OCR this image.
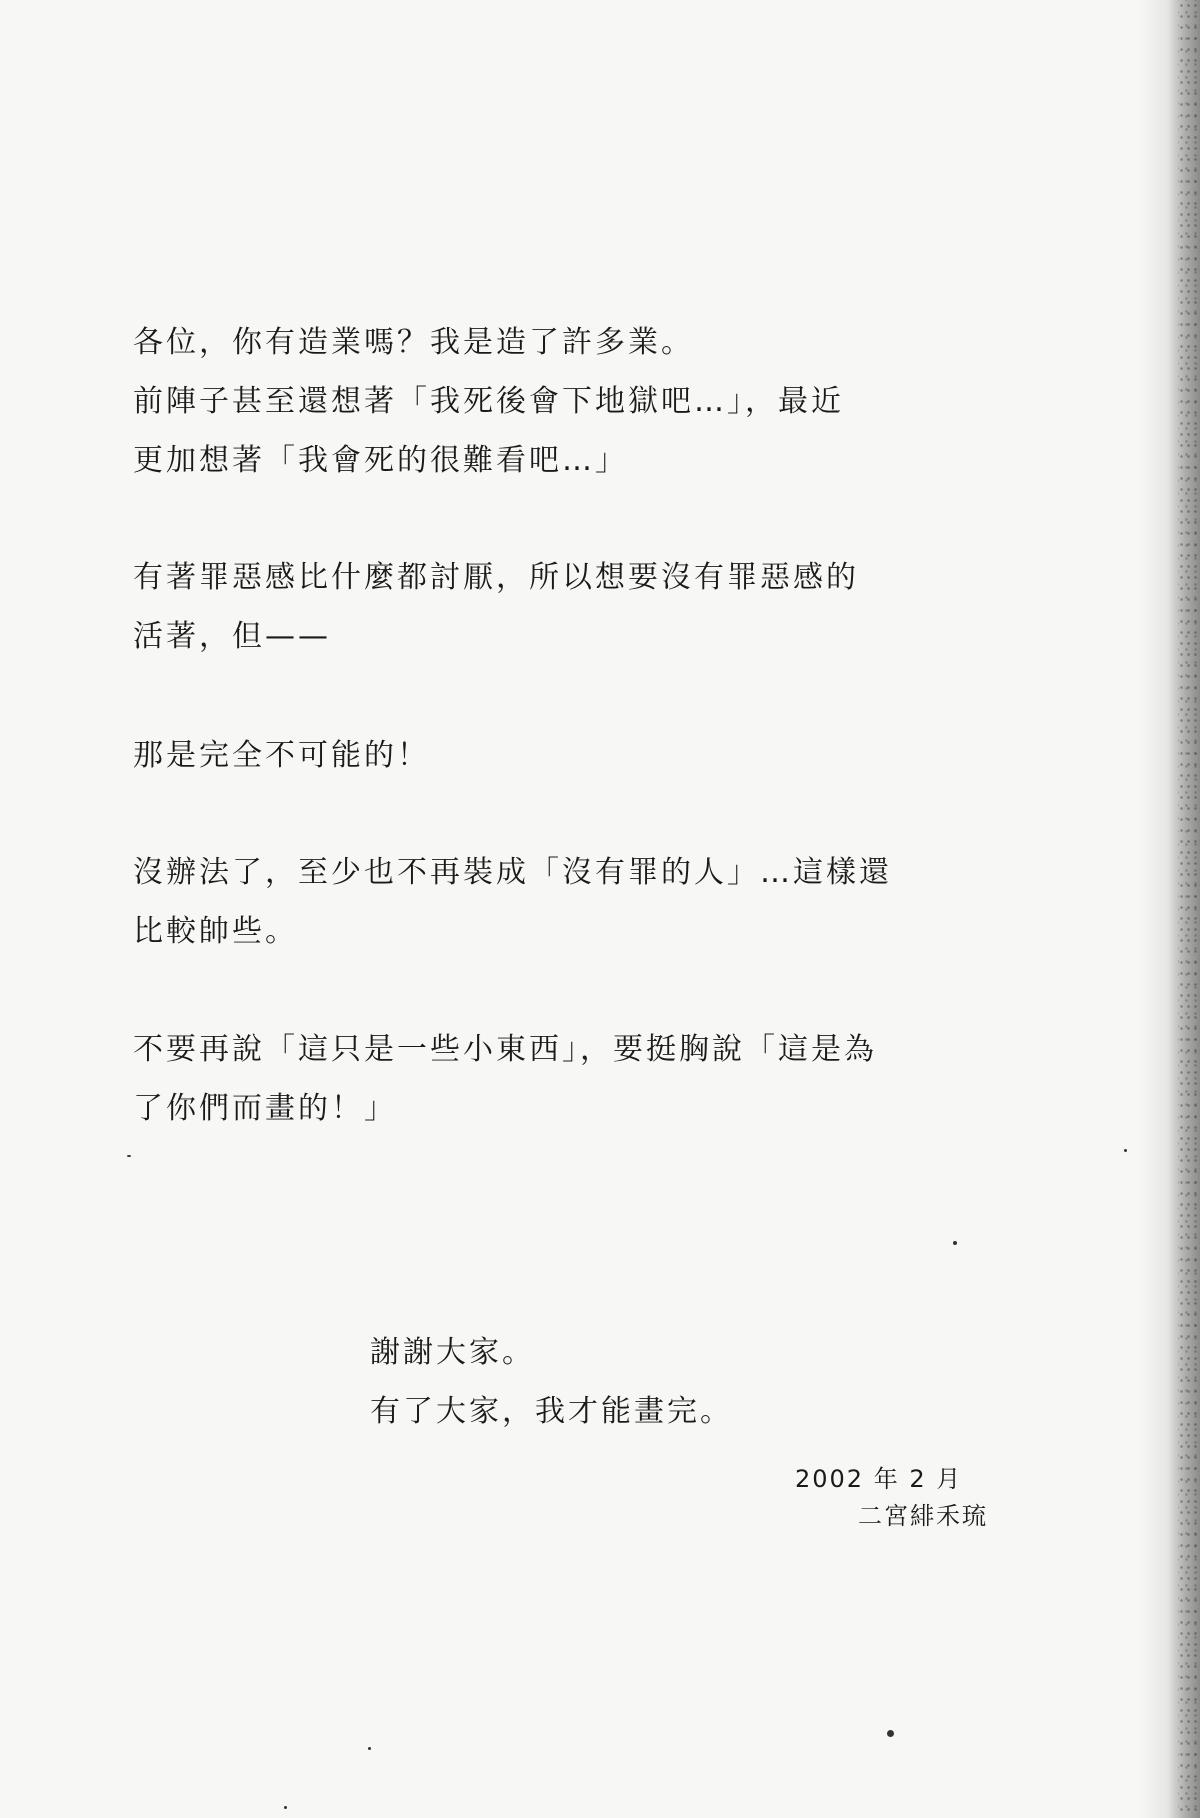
各位，你有造業嗎？我是造了許多業。

前陣子甚至還想著「我死後會下地獄吧…」，最近

更加想著「我會死的很難看吧…」

有著罪惡感比什麼都討厭，所以想要沒有罪惡感的

活著，但——

那是完全不可能的！

沒辦法了，至少也不再裝成「沒有罪的人」…這樣還

比較帥些。

不要再說「這只是一些小東西」，要挺胸說「這是為

了你們而畫的！」

謝謝大家。

有了大家，我才能畫完。

2002 年 2 月
二宮緋禾琉
